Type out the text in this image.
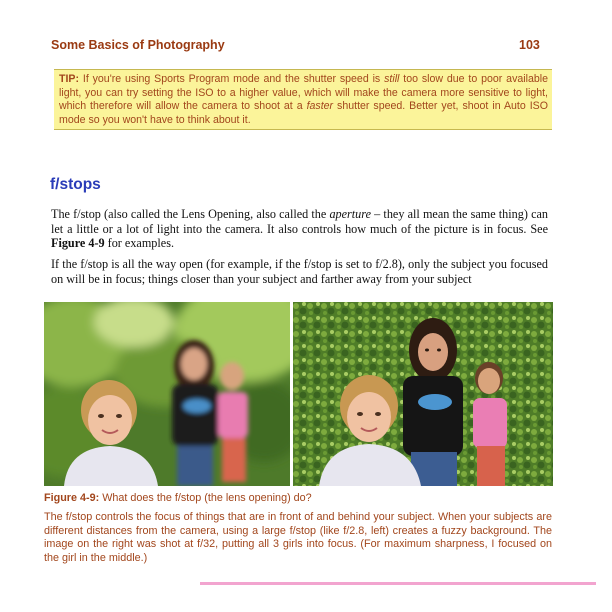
Some Basics of Photography	103
TIP: If you're using Sports Program mode and the shutter speed is still too slow due to poor available light, you can try setting the ISO to a higher value, which will make the camera more sensitive to light, which therefore will allow the camera to shoot at a faster shutter speed. Better yet, shoot in Auto ISO mode so you won't have to think about it.
f/stops

The f/stop (also called the Lens Opening, also called the aperture – they all mean the same thing) can let a little or a lot of light into the camera. It also controls how much of the picture is in focus. See Figure 4-9 for examples.

If the f/stop is all the way open (for example, if the f/stop is set to f/2.8), only the subject you focused on will be in focus; things closer than your subject and farther away from your subject

Figure 4-9: What does the f/stop (the lens opening) do?
The f/stop controls the focus of things that are in front of and behind your subject. When your subjects are different distances from the camera, using a large f/stop (like f/2.8, left) creates a fuzzy background. The image on the right was shot at f/32, putting all 3 girls into focus. (For maximum sharpness, I focused on the girl in the middle.)
